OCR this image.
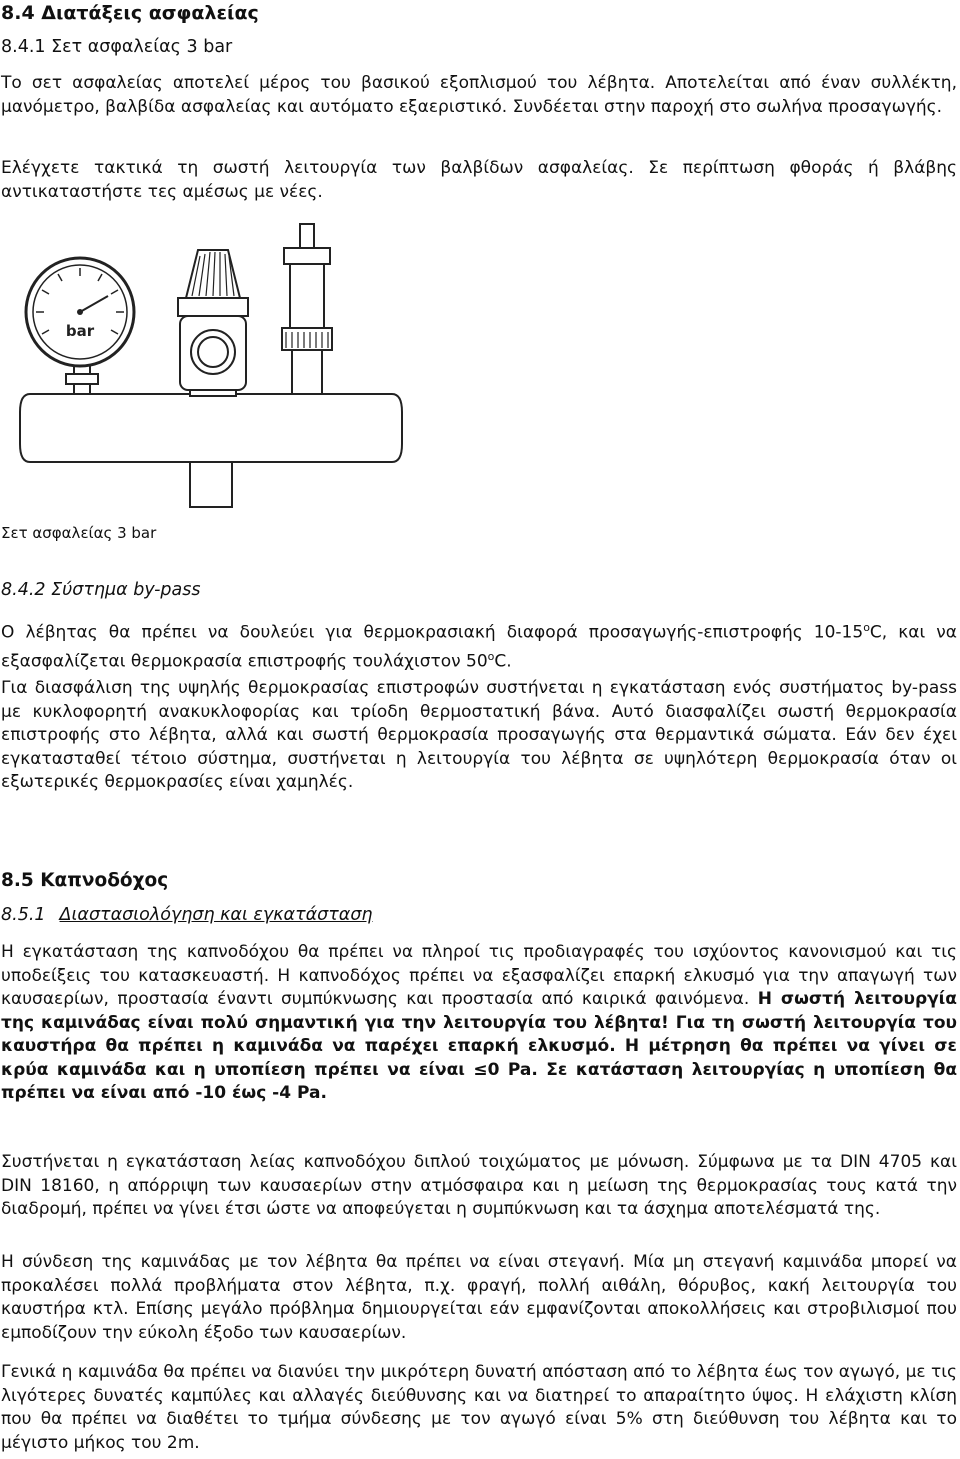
8.4 Διατάξεις ασφαλείας
8.4.1 Σετ ασφαλείας 3 bar

Το σετ ασφαλείας αποτελεί μέρος του βασικού εξοπλισμού του λέβητα. Αποτελείται από έναν συλλέκτη, μανόμετρο, βαλβίδα ασφαλείας και αυτόματο εξαεριστικό. Συνδέεται στην παροχή στο σωλήνα προσαγωγής.

Ελέγχετε τακτικά τη σωστή λειτουργία των βαλβίδων ασφαλείας. Σε περίπτωση φθοράς ή βλάβης αντικαταστήστε τες αμέσως με νέες.

bar
Σετ ασφαλείας 3 bar
8.4.2 Σύστημα by-pass

Ο λέβητας θα πρέπει να δουλεύει για θερμοκρασιακή διαφορά προσαγωγής-επιστροφής 10-15$^o$C, και να εξασφαλίζεται θερμοκρασία επιστροφής τουλάχιστον 50$^o$C.

Για διασφάλιση της υψηλής θερμοκρασίας επιστροφών συστήνεται η εγκατάσταση ενός συστήματος by-pass με κυκλοφορητή ανακυκλοφορίας και τρίοδη θερμοστατική βάνα. Αυτό διασφαλίζει σωστή θερμοκρασία επιστροφής στο λέβητα, αλλά και σωστή θερμοκρασία προσαγωγής στα θερμαντικά σώματα. Εάν δεν έχει εγκατασταθεί τέτοιο σύστημα, συστήνεται η λειτουργία του λέβητα σε υψηλότερη θερμοκρασία όταν οι εξωτερικές θερμοκρασίες είναι χαμηλές.

8.5 Καπνοδόχος
8.5.1 Διαστασιολόγηση και εγκατάσταση

Η εγκατάσταση της καπνοδόχου θα πρέπει να πληροί τις προδιαγραφές του ισχύοντος κανονισμού και τις υποδείξεις του κατασκευαστή. Η καπνοδόχος πρέπει να εξασφαλίζει επαρκή ελκυσμό για την απαγωγή των καυσαερίων, προστασία έναντι συμπύκνωσης και προστασία από καιρικά φαινόμενα. Η σωστή λειτουργία της καμινάδας είναι πολύ σημαντική για την λειτουργία του λέβητα! Για τη σωστή λειτουργία του καυστήρα θα πρέπει η καμινάδα να παρέχει επαρκή ελκυσμό. Η μέτρηση θα πρέπει να γίνει σε κρύα καμινάδα και η υποπίεση πρέπει να είναι ≤0 Pa. Σε κατάσταση λειτουργίας η υποπίεση θα πρέπει να είναι από -10 έως -4 Pa.

Συστήνεται η εγκατάσταση λείας καπνοδόχου διπλού τοιχώματος με μόνωση. Σύμφωνα με τα DIN 4705 και DIN 18160, η απόρριψη των καυσαερίων στην ατμόσφαιρα και η μείωση της θερμοκρασίας τους κατά την διαδρομή, πρέπει να γίνει έτσι ώστε να αποφεύγεται η συμπύκνωση και τα άσχημα αποτελέσματά της.

Η σύνδεση της καμινάδας με τον λέβητα θα πρέπει να είναι στεγανή. Μία μη στεγανή καμινάδα μπορεί να προκαλέσει πολλά προβλήματα στον λέβητα, π.χ. φραγή, πολλή αιθάλη, θόρυβος, κακή λειτουργία του καυστήρα κτλ. Επίσης μεγάλο πρόβλημα δημιουργείται εάν εμφανίζονται αποκολλήσεις και στροβιλισμοί που εμποδίζουν την εύκολη έξοδο των καυσαερίων.

Γενικά η καμινάδα θα πρέπει να διανύει την μικρότερη δυνατή απόσταση από το λέβητα έως τον αγωγό, με τις λιγότερες δυνατές καμπύλες και αλλαγές διεύθυνσης και να διατηρεί το απαραίτητο ύψος. Η ελάχιστη κλίση που θα πρέπει να διαθέτει το τμήμα σύνδεσης με τον αγωγό είναι 5% στη διεύθυνση του λέβητα και το μέγιστο μήκος του 2m.
